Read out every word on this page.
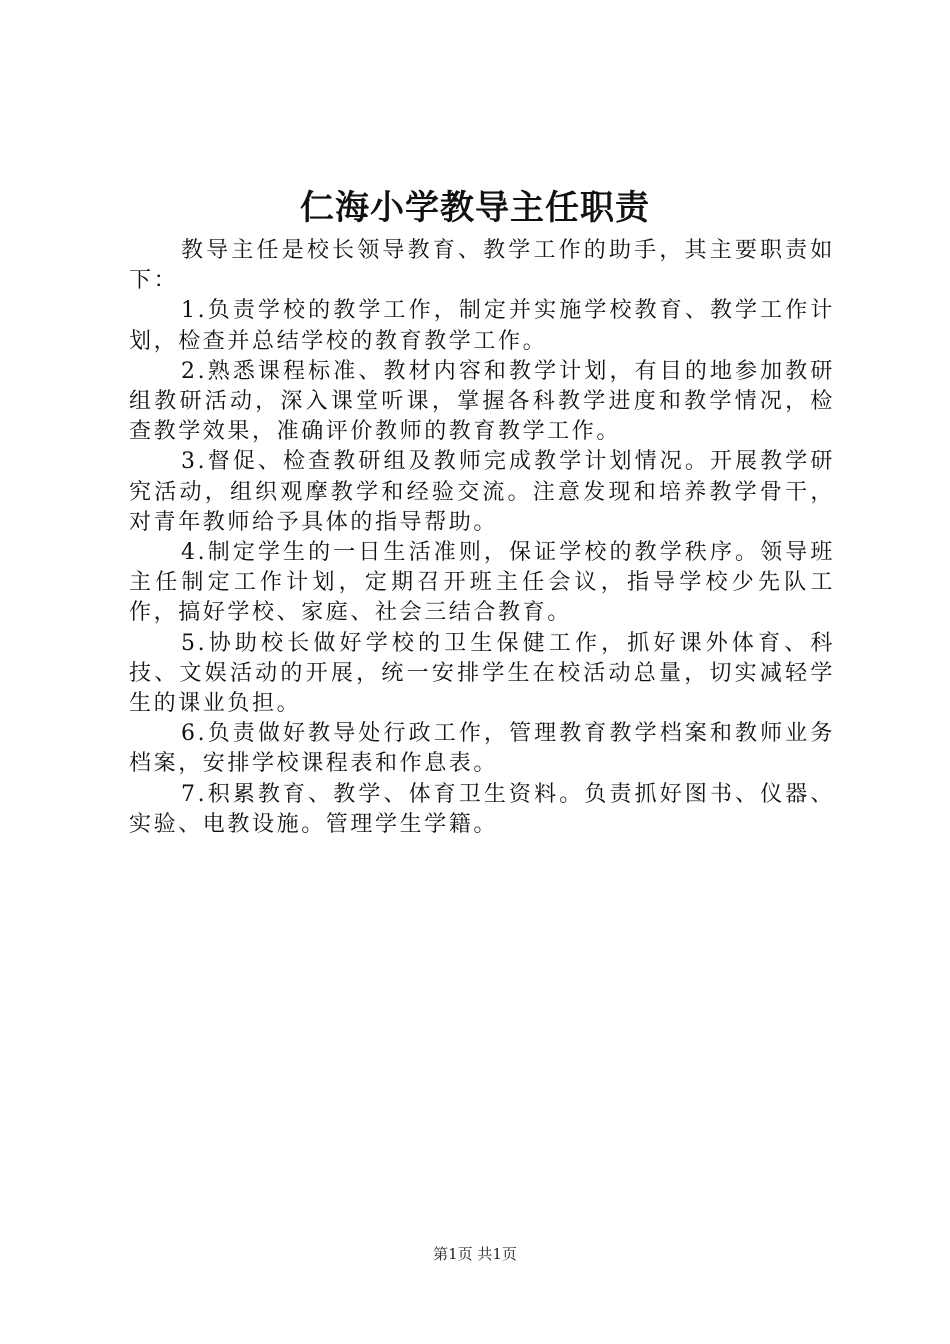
仁海小学教导主任职责

教导主任是校长领导教育、教学工作的助手，其主要职责如下：

1.负责学校的教学工作，制定并实施学校教育、教学工作计划，检查并总结学校的教育教学工作。

2.熟悉课程标准、教材内容和教学计划，有目的地参加教研组教研活动，深入课堂听课，掌握各科教学进度和教学情况，检查教学效果，准确评价教师的教育教学工作。

3.督促、检查教研组及教师完成教学计划情况。开展教学研究活动，组织观摩教学和经验交流。注意发现和培养教学骨干，对青年教师给予具体的指导帮助。

4.制定学生的一日生活准则，保证学校的教学秩序。领导班主任制定工作计划，定期召开班主任会议，指导学校少先队工作，搞好学校、家庭、社会三结合教育。

5.协助校长做好学校的卫生保健工作，抓好课外体育、科技、文娱活动的开展，统一安排学生在校活动总量，切实减轻学生的课业负担。

6.负责做好教导处行政工作，管理教育教学档案和教师业务档案，安排学校课程表和作息表。

7.积累教育、教学、体育卫生资料。负责抓好图书、仪器、实验、电教设施。管理学生学籍。

第1页 共1页
